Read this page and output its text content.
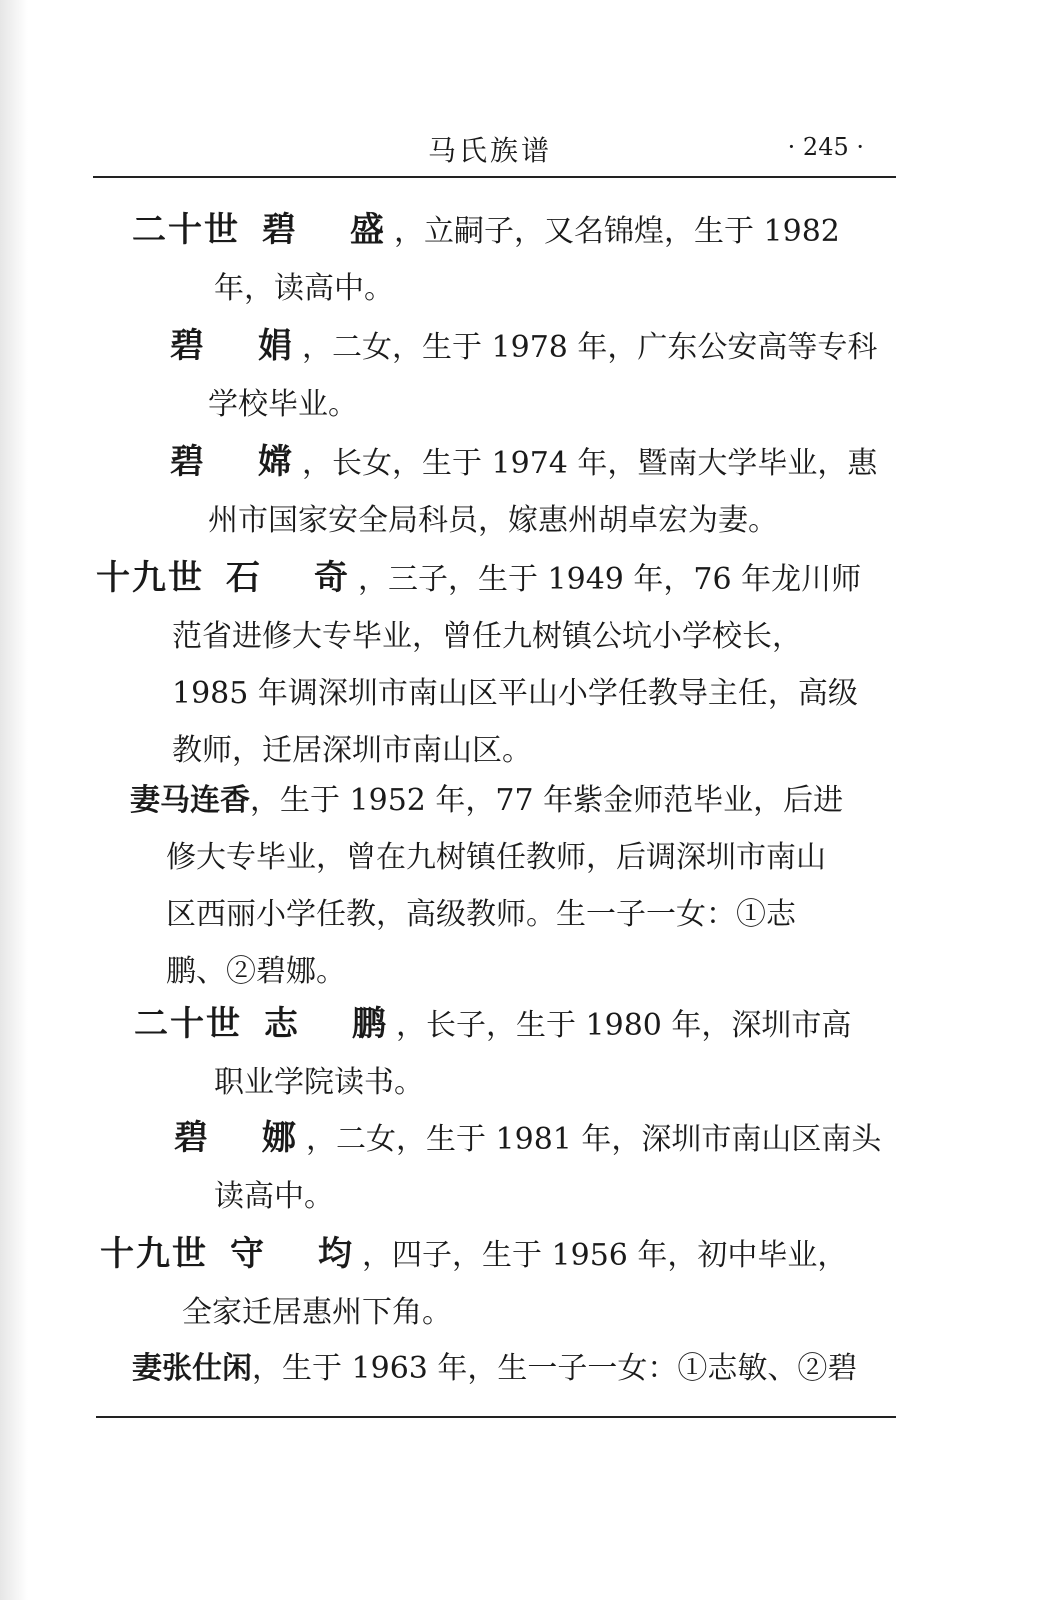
马氏族谱	· 245 ·
二十世 碧　盛，立嗣子，又名锦煌，生于 1982
年，读高中。
碧　娟，二女，生于 1978 年，广东公安高等专科
学校毕业。
碧　嫦，长女，生于 1974 年，暨南大学毕业，惠
州市国家安全局科员，嫁惠州胡卓宏为妻。
十九世 石　奇，三子，生于 1949 年，76 年龙川师
范省进修大专毕业，曾任九树镇公坑小学校长，
1985 年调深圳市南山区平山小学任教导主任，高级
教师，迁居深圳市南山区。
妻马连香，生于 1952 年，77 年紫金师范毕业，后进
修大专毕业，曾在九树镇任教师，后调深圳市南山
区西丽小学任教，高级教师。生一子一女：①志
鹏、②碧娜。
二十世 志　鹏，长子，生于 1980 年，深圳市高
职业学院读书。
碧　娜，二女，生于 1981 年，深圳市南山区南头
读高中。
十九世 守　均，四子，生于 1956 年，初中毕业，
全家迁居惠州下角。
妻张仕闲，生于 1963 年，生一子一女：①志敏、②碧
